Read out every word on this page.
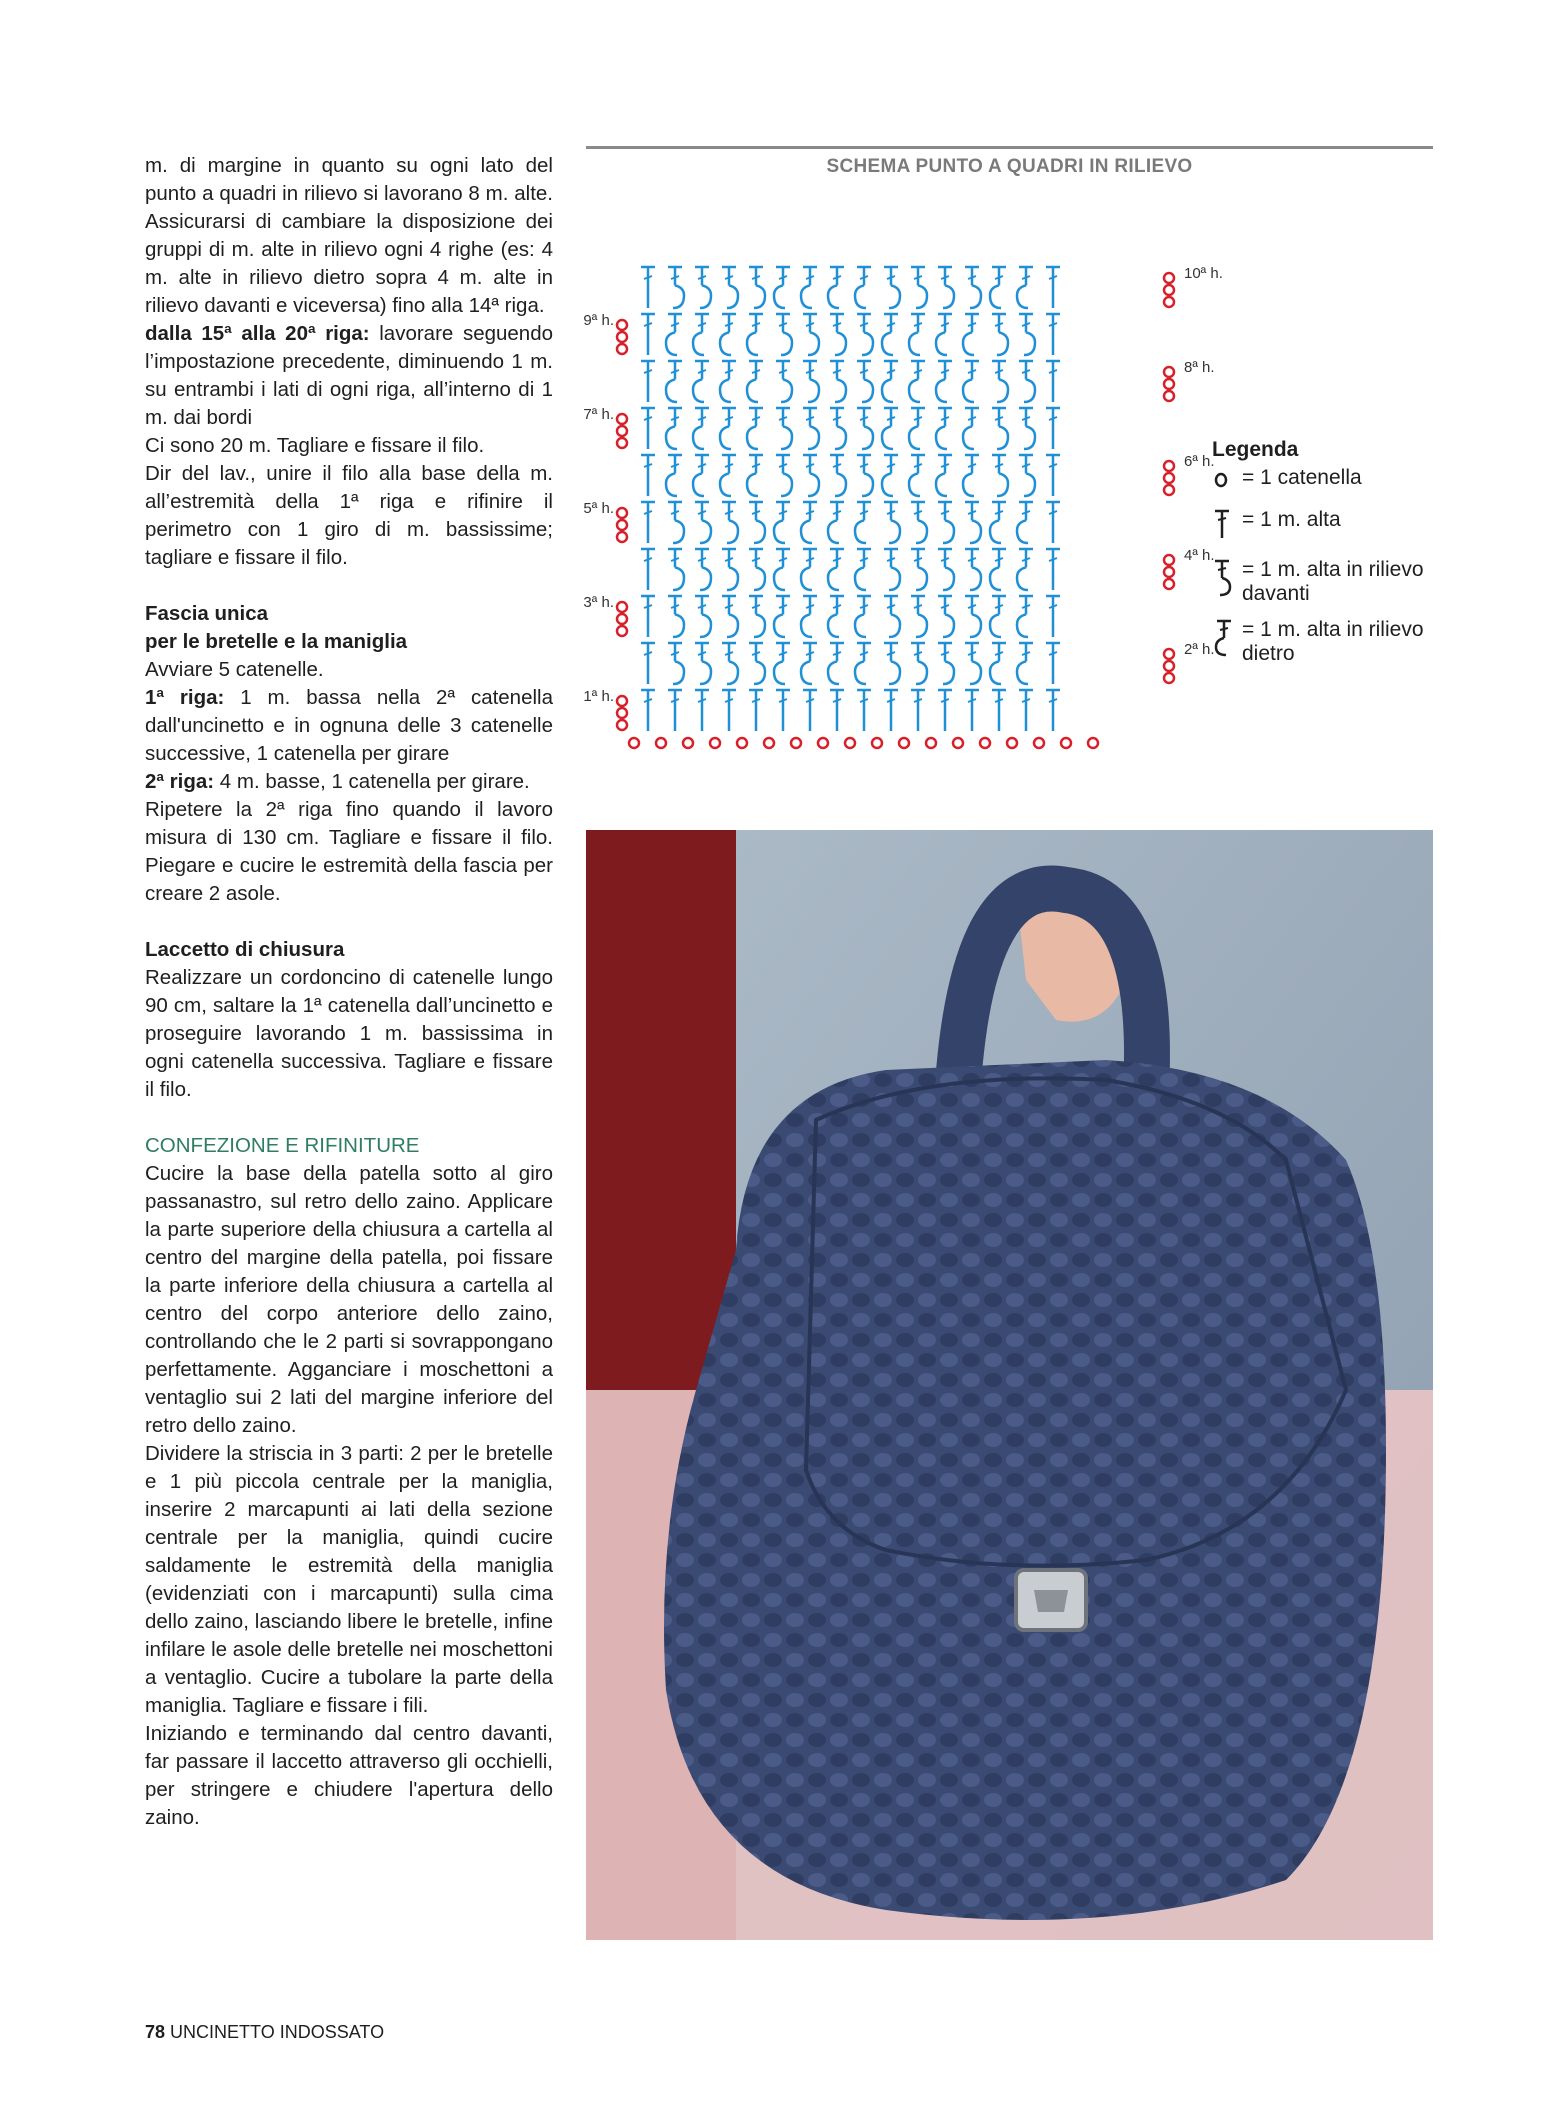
m. di margine in quanto su ogni lato del punto a quadri in rilievo si lavorano 8 m. alte. Assicurarsi di cambiare la disposizione dei gruppi di m. alte in rilievo ogni 4 righe (es: 4 m. alte in rilievo dietro sopra 4 m. alte in rilievo davanti e viceversa) fino alla 14ª riga.

dalla 15ª alla 20ª riga: lavorare seguendo l’impostazione precedente, diminuendo 1 m. su entrambi i lati di ogni riga, all’interno di 1 m. dai bordi

Ci sono 20 m. Tagliare e fissare il filo.

Dir del lav., unire il filo alla base della m. all’estremità della 1ª riga e rifinire il perimetro con 1 giro di m. bassissime; tagliare e fissare il filo.

Fascia unica

per le bretelle e la maniglia

Avviare 5 catenelle.

1ª riga: 1 m. bassa nella 2ª catenella dall'uncinetto e in ognuna delle 3 catenelle successive, 1 catenella per girare

2ª riga: 4 m. basse, 1 catenella per girare.

Ripetere la 2ª riga fino quando il lavoro misura di 130 cm. Tagliare e fissare il filo. Piegare e cucire le estremità della fascia per creare 2 asole.

Laccetto di chiusura

Realizzare un cordoncino di catenelle lungo 90 cm, saltare la 1ª catenella dall’uncinetto e proseguire lavorando 1 m. bassissima in ogni catenella successiva. Tagliare e fissare il filo.

CONFEZIONE E RIFINITURE

Cucire la base della patella sotto al giro passanastro, sul retro dello zaino. Applicare la parte superiore della chiusura a cartella al centro del margine della patella, poi fissare la parte inferiore della chiusura a cartella al centro del corpo anteriore dello zaino, controllando che le 2 parti si sovrappongano perfettamente. Agganciare i moschettoni a ventaglio sui 2 lati del margine inferiore del retro dello zaino.

Dividere la striscia in 3 parti: 2 per le bretelle e 1 più piccola centrale per la maniglia, inserire 2 marcapunti ai lati della sezione centrale per la maniglia, quindi cucire saldamente le estremità della maniglia (evidenziati con i marcapunti) sulla cima dello zaino, lasciando libere le bretelle, infine infilare le asole delle bretelle nei moschettoni a ventaglio. Cucire a tubolare la parte della maniglia. Tagliare e fissare i fili.

Iniziando e terminando dal centro davanti, far passare il laccetto attraverso gli occhielli, per stringere e chiudere l'apertura dello zaino.

78 UNCINETTO INDOSSATO
SCHEMA PUNTO A QUADRI IN RILIEVO
1ª h.
2ª h.
3ª h.
4ª h.
5ª h.
6ª h.
7ª h.
8ª h.
9ª h.
10ª h.
Legenda
= 1 catenella
= 1 m. alta
= 1 m. alta in rilievo davanti
= 1 m. alta in rilievo dietro
